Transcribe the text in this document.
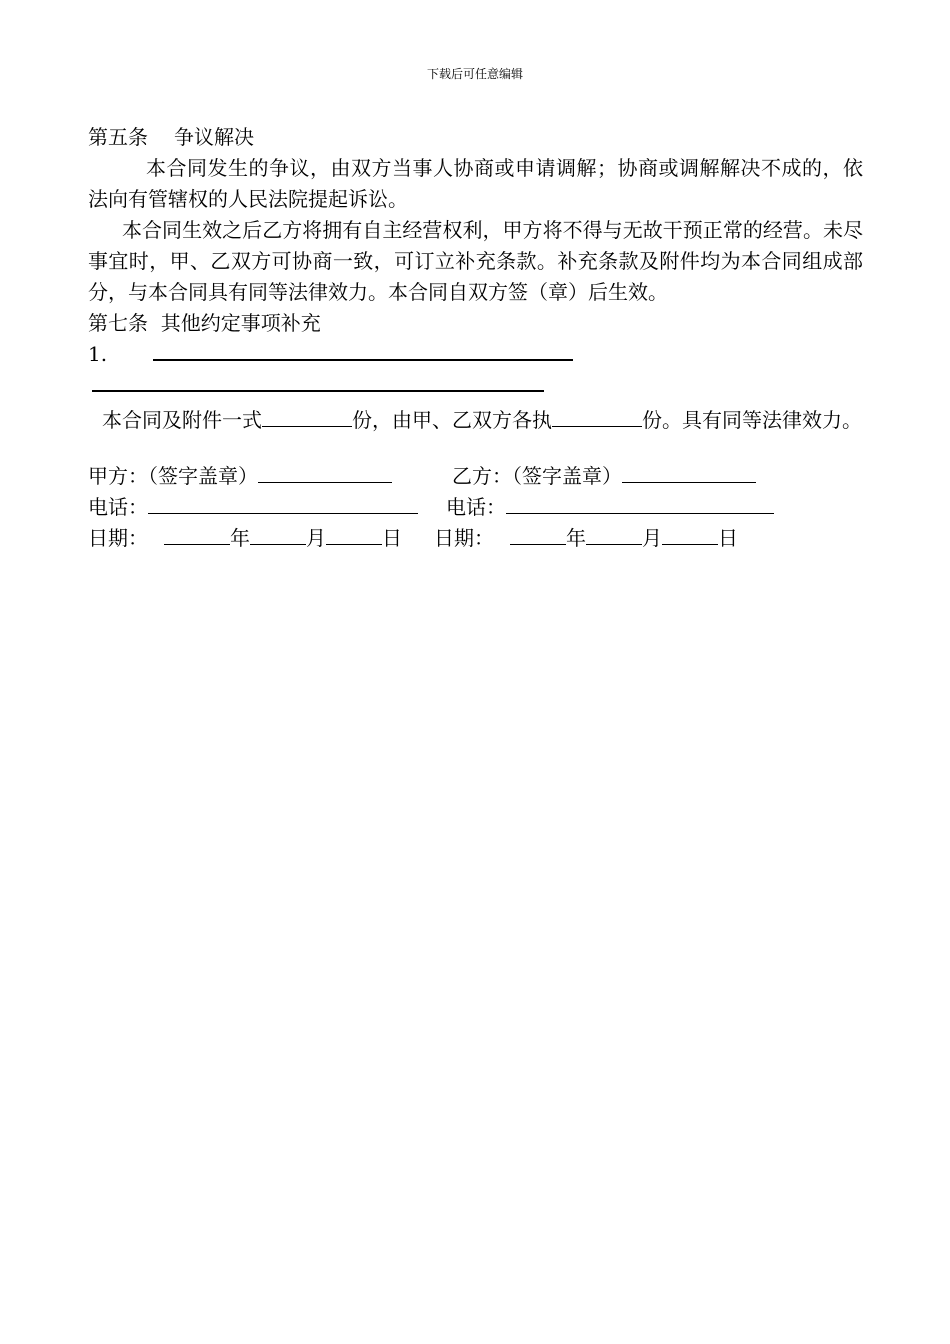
下载后可任意编辑
第五条 争议解决
本合同发生的争议，由双方当事人协商或申请调解；协商或调解解决不成的，依法向有管辖权的人民法院提起诉讼。
本合同生效之后乙方将拥有自主经营权利，甲方将不得与无故干预正常的经营。未尽事宜时，甲、乙双方可协商一致，可订立补充条款。补充条款及附件均为本合同组成部分，与本合同具有同等法律效力。本合同自双方签（章）后生效。
第七条  其他约定事项补充
1.
本合同及附件一式	份，由甲、乙双方各执	份。具有同等法律效力。
甲方：（签字盖章）	乙方：（签字盖章）
电话：	电话：
日期：	年	月	日 日期：	年	月	日
